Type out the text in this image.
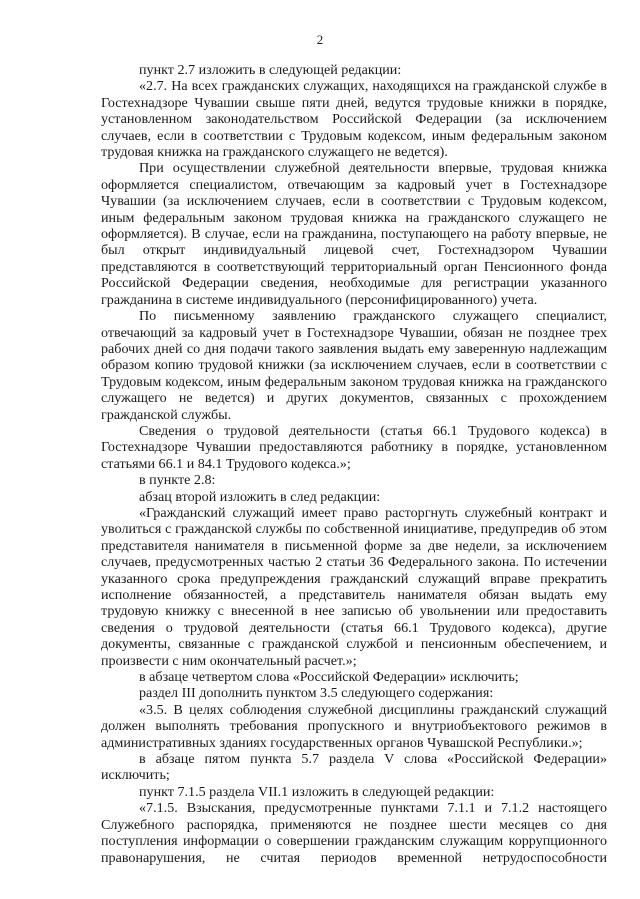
2

пункт 2.7 изложить в следующей редакции:

«2.7. На всех гражданских служащих, находящихся на гражданской службе в Гостехнадзоре Чувашии свыше пяти дней, ведутся трудовые книжки в порядке, установленном законодательством Российской Федерации (за исключением случаев, если в соответствии с Трудовым кодексом, иным федеральным законом трудовая книжка на гражданского служащего не ведется).

При осуществлении служебной деятельности впервые, трудовая книжка оформляется специалистом, отвечающим за кадровый учет в Гостехнадзоре Чувашии (за исключением случаев, если в соответствии с Трудовым кодексом, иным федеральным законом трудовая книжка на гражданского служащего не оформляется). В случае, если на гражданина, поступающего на работу впервые, не был открыт индивидуальный лицевой счет, Гостехнадзором Чувашии представляются в соответствующий территориальный орган Пенсионного фонда Российской Федерации сведения, необходимые для регистрации указанного гражданина в системе индивидуального (персонифицированного) учета.

По письменному заявлению гражданского служащего специалист, отвечающий за кадровый учет в Гостехнадзоре Чувашии, обязан не позднее трех рабочих дней со дня подачи такого заявления выдать ему заверенную надлежащим образом копию трудовой книжки (за исключением случаев, если в соответствии с Трудовым кодексом, иным федеральным законом трудовая книжка на гражданского служащего не ведется) и других документов, связанных с прохождением гражданской службы.

Сведения о трудовой деятельности (статья 66.1 Трудового кодекса) в Гостехнадзоре Чувашии предоставляются работнику в порядке, установленном статьями 66.1 и 84.1 Трудового кодекса.»;

в пункте 2.8:

абзац второй изложить в след редакции:

«Гражданский служащий имеет право расторгнуть служебный контракт и уволиться с гражданской службы по собственной инициативе, предупредив об этом представителя нанимателя в письменной форме за две недели, за исключением случаев, предусмотренных частью 2 статьи 36 Федерального закона. По истечении указанного срока предупреждения гражданский служащий вправе прекратить исполнение обязанностей, а представитель нанимателя обязан выдать ему трудовую книжку с внесенной в нее записью об увольнении или предоставить сведения о трудовой деятельности (статья 66.1 Трудового кодекса), другие документы, связанные с гражданской службой и пенсионным обеспечением, и произвести с ним окончательный расчет.»;

в абзаце четвертом слова «Российской Федерации» исключить;

раздел III дополнить пунктом 3.5 следующего содержания:

«3.5. В целях соблюдения служебной дисциплины гражданский служащий должен выполнять требования пропускного и внутриобъектового режимов в административных зданиях государственных органов Чувашской Республики.»;

в абзаце пятом пункта 5.7 раздела V слова «Российской Федерации» исключить;

пункт 7.1.5 раздела VII.1 изложить в следующей редакции:

«7.1.5. Взыскания, предусмотренные пунктами 7.1.1 и 7.1.2 настоящего Служебного распорядка, применяются не позднее шести месяцев со дня поступления информации о совершении гражданским служащим коррупционного правонарушения, не считая периодов временной нетрудоспособности
